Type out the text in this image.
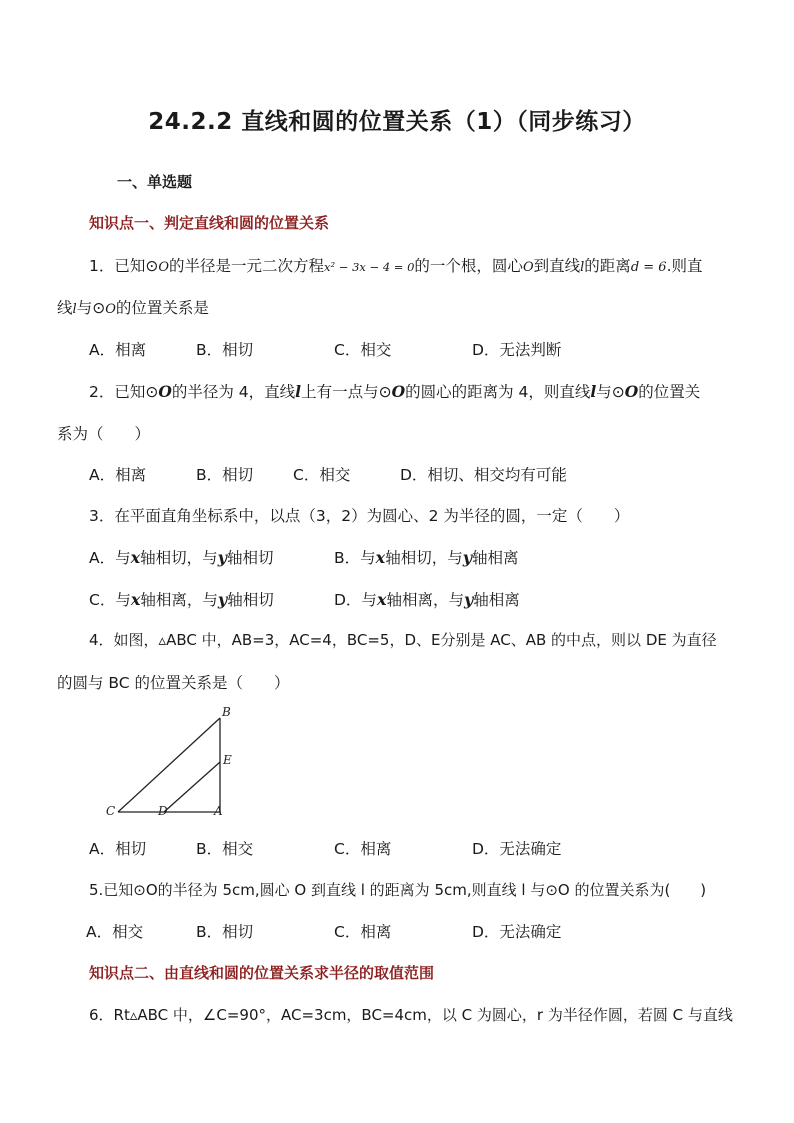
24.2.2 直线和圆的位置关系（1）（同步练习）
一、单选题
知识点一、判定直线和圆的位置关系
1．已知⊙O的半径是一元二次方程x² − 3x − 4 = 0的一个根，圆心O到直线l的距离d = 6.则直
线l与⊙O的位置关系是
A．相离	B．相切	C．相交	D．无法判断
2．已知⊙O的半径为 4，直线l上有一点与⊙O的圆心的距离为 4，则直线l与⊙O的位置关
系为（　　）
A．相离	B．相切	C．相交	D．相切、相交均有可能
3．在平面直角坐标系中，以点（3，2）为圆心、2 为半径的圆，一定（　　）
A．与x轴相切，与y轴相切	B．与x轴相切，与y轴相离
C．与x轴相离，与y轴相切	D．与x轴相离，与y轴相离
4．如图，▵ABC 中，AB=3，AC=4，BC=5，D、E分别是 AC、AB 的中点，则以 DE 为直径
的圆与 BC 的位置关系是（　　）
B
E
C	D	A
A．相切	B．相交	C．相离	D．无法确定
5.已知⊙O的半径为 5cm,圆心 O 到直线 l 的距离为 5cm,则直线 l 与⊙O 的位置关系为(　　)
A．相交	B．相切	C．相离	D．无法确定
知识点二、由直线和圆的位置关系求半径的取值范围
6．Rt▵ABC 中，∠C=90°，AC=3cm，BC=4cm，以 C 为圆心，r 为半径作圆，若圆 C 与直线
